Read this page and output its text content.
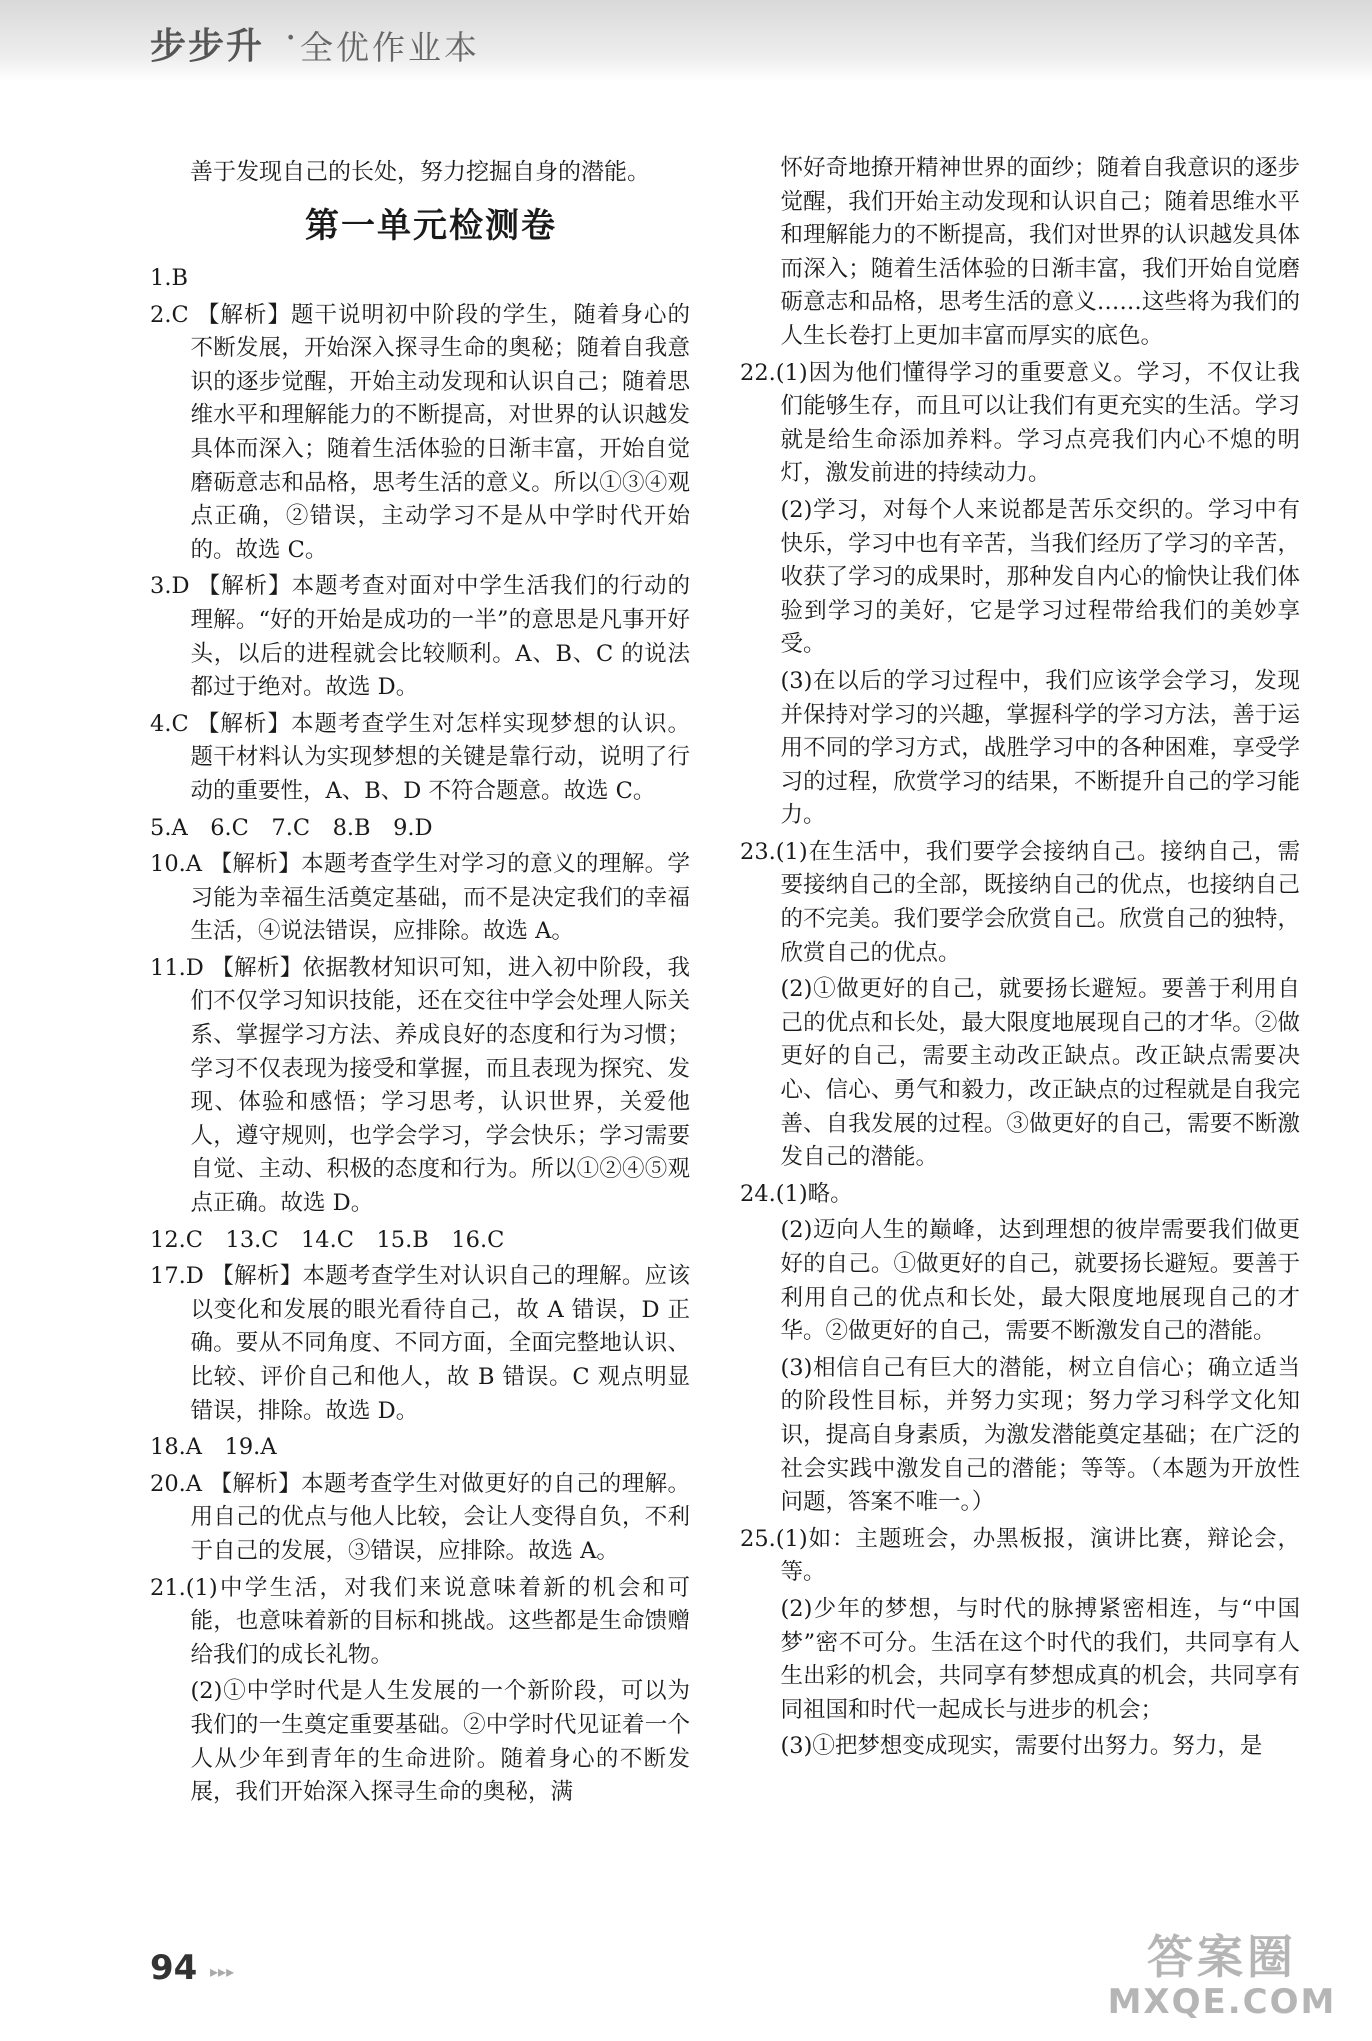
步步升 · 全优作业本
善于发现自己的长处，努力挖掘自身的潜能。
第一单元检测卷

1.B

2.C 【解析】题干说明初中阶段的学生，随着身心的不断发展，开始深入探寻生命的奥秘；随着自我意识的逐步觉醒，开始主动发现和认识自己；随着思维水平和理解能力的不断提高，对世界的认识越发具体而深入；随着生活体验的日渐丰富，开始自觉磨砺意志和品格，思考生活的意义。所以①③④观点正确，②错误，主动学习不是从中学时代开始的。故选 C。

3.D 【解析】本题考查对面对中学生活我们的行动的理解。“好的开始是成功的一半”的意思是凡事开好头，以后的进程就会比较顺利。A、B、C 的说法都过于绝对。故选 D。

4.C 【解析】本题考查学生对怎样实现梦想的认识。题干材料认为实现梦想的关键是靠行动，说明了行动的重要性，A、B、D 不符合题意。故选 C。

5.A　6.C　7.C　8.B　9.D

10.A 【解析】本题考查学生对学习的意义的理解。学习能为幸福生活奠定基础，而不是决定我们的幸福生活，④说法错误，应排除。故选 A。

11.D 【解析】依据教材知识可知，进入初中阶段，我们不仅学习知识技能，还在交往中学会处理人际关系、掌握学习方法、养成良好的态度和行为习惯；学习不仅表现为接受和掌握，而且表现为探究、发现、体验和感悟；学习思考，认识世界，关爱他人，遵守规则，也学会学习，学会快乐；学习需要自觉、主动、积极的态度和行为。所以①②④⑤观点正确。故选 D。

12.C　13.C　14.C　15.B　16.C

17.D 【解析】本题考查学生对认识自己的理解。应该以变化和发展的眼光看待自己，故 A 错误，D 正确。要从不同角度、不同方面，全面完整地认识、比较、评价自己和他人，故 B 错误。C 观点明显错误，排除。故选 D。

18.A　19.A

20.A 【解析】本题考查学生对做更好的自己的理解。用自己的优点与他人比较，会让人变得自负，不利于自己的发展，③错误，应排除。故选 A。

21.(1)中学生活，对我们来说意味着新的机会和可能，也意味着新的目标和挑战。这些都是生命馈赠给我们的成长礼物。

(2)①中学时代是人生发展的一个新阶段，可以为我们的一生奠定重要基础。②中学时代见证着一个人从少年到青年的生命进阶。随着身心的不断发展，我们开始深入探寻生命的奥秘，满

怀好奇地撩开精神世界的面纱；随着自我意识的逐步觉醒，我们开始主动发现和认识自己；随着思维水平和理解能力的不断提高，我们对世界的认识越发具体而深入；随着生活体验的日渐丰富，我们开始自觉磨砺意志和品格，思考生活的意义……这些将为我们的人生长卷打上更加丰富而厚实的底色。

22.(1)因为他们懂得学习的重要意义。学习，不仅让我们能够生存，而且可以让我们有更充实的生活。学习就是给生命添加养料。学习点亮我们内心不熄的明灯，激发前进的持续动力。

(2)学习，对每个人来说都是苦乐交织的。学习中有快乐，学习中也有辛苦，当我们经历了学习的辛苦，收获了学习的成果时，那种发自内心的愉快让我们体验到学习的美好，它是学习过程带给我们的美妙享受。

(3)在以后的学习过程中，我们应该学会学习，发现并保持对学习的兴趣，掌握科学的学习方法，善于运用不同的学习方式，战胜学习中的各种困难，享受学习的过程，欣赏学习的结果，不断提升自己的学习能力。

23.(1)在生活中，我们要学会接纳自己。接纳自己，需要接纳自己的全部，既接纳自己的优点，也接纳自己的不完美。我们要学会欣赏自己。欣赏自己的独特，欣赏自己的优点。

(2)①做更好的自己，就要扬长避短。要善于利用自己的优点和长处，最大限度地展现自己的才华。②做更好的自己，需要主动改正缺点。改正缺点需要决心、信心、勇气和毅力，改正缺点的过程就是自我完善、自我发展的过程。③做更好的自己，需要不断激发自己的潜能。

24.(1)略。

(2)迈向人生的巅峰，达到理想的彼岸需要我们做更好的自己。①做更好的自己，就要扬长避短。要善于利用自己的优点和长处，最大限度地展现自己的才华。②做更好的自己，需要不断激发自己的潜能。

(3)相信自己有巨大的潜能，树立自信心；确立适当的阶段性目标，并努力实现；努力学习科学文化知识，提高自身素质，为激发潜能奠定基础；在广泛的社会实践中激发自己的潜能；等等。（本题为开放性问题，答案不唯一。）

25.(1)如：主题班会，办黑板报，演讲比赛，辩论会，等。

(2)少年的梦想，与时代的脉搏紧密相连，与“中国梦”密不可分。生活在这个时代的我们，共同享有人生出彩的机会，共同享有梦想成真的机会，共同享有同祖国和时代一起成长与进步的机会；

(3)①把梦想变成现实，需要付出努力。努力，是

94 ▸▸▸	答案圈
MXQE.COM
